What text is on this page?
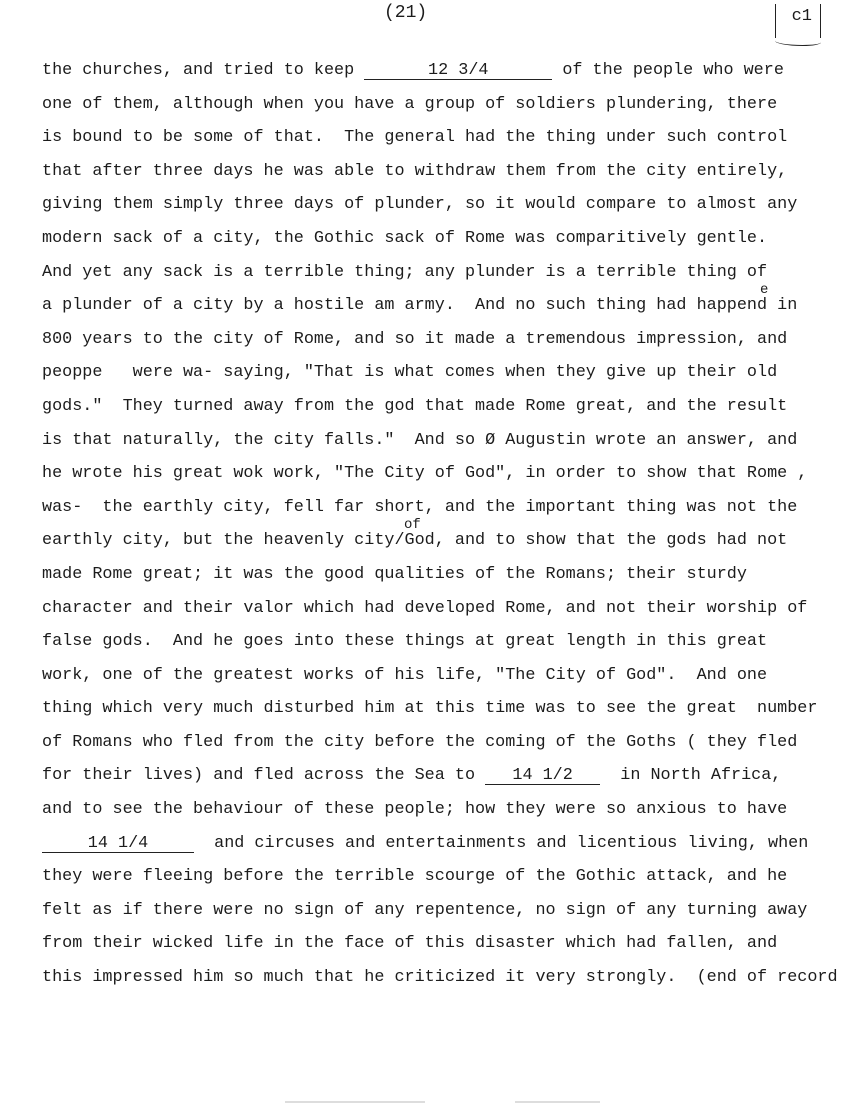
(21)	c1
the churches, and tried to keep	12 3/4	of the people who were
one of them, although when you have a group of soldiers plundering, there
is bound to be some of that.  The general had the thing under such control
that after three days he was able to withdraw them from the city entirely,
giving them simply three days of plunder, so it would compare to almost any
modern sack of a city, the Gothic sack of Rome was comparitively gentle.
And yet any sack is a terrible thing; any plunder is a terrible thing of
a plunder of a city by a hostile am army.  And no such thing had happend in
800 years to the city of Rome, and so it made a tremendous impression, and
peoppe   were wa- saying, "That is what comes when they give up their old
gods."  They turned away from the god that made Rome great, and the result
is that naturally, the city falls."  And so Ø Augustin wrote an answer, and
he wrote his great wok work, "The City of God", in order to show that Rome ,
was-  the earthly city, fell far short, and the important thing was not the
earthly city, but the heavenly city/God, and to show that the gods had not
made Rome great; it was the good qualities of the Romans; their sturdy
character and their valor which had developed Rome, and not their worship of
false gods.  And he goes into these things at great length in this great
work, one of the greatest works of his life, "The City of God".  And one
thing which very much disturbed him at this time was to see the great  number
of Romans who fled from the city before the coming of the Goths ( they fled
for their lives) and fled across the Sea to 14 1/2  in North Africa,
and to see the behaviour of these people; how they were so anxious to have
14 1/4	and circuses and entertainments and licentious living, when
they were fleeing before the terrible scourge of the Gothic attack, and he
felt as if there were no sign of any repentence, no sign of any turning away
from their wicked life in the face of this disaster which had fallen, and
this impressed him so much that he criticized it very strongly.  (end of record
e
of
